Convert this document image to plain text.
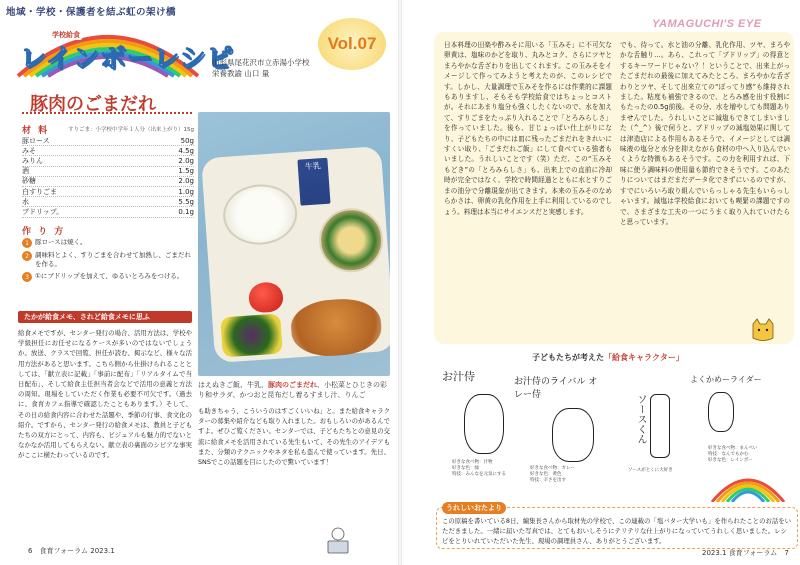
地域・学校・保護者を結ぶ虹の架け橋
学校給食
レインボーレシピ
Vol.07
山形県尾花沢市立赤湯小学校
栄養教諭 山口 量
豚肉のごまだれ
材 料	すりごま：小学校中学年１人分（出来上がり）15g
豚ロース	50g
みそ	4.5g
みりん	2.0g
酒	1.5g
砂糖	2.0g
白すりごま	1.0g
水	5.5g
ブドリップ。	0.1g
作 り 方
1 豚ロースは焼く。
2 調味料とよく、すりごまを合わせて加熱し、ごまだれを作る。
3 ①にブドリップを加えて、ゆるいとろみをつける。
牛乳
はえぬきご飯、牛乳、豚肉のごまだれ、小松菜とひじきの彩り和サラダ、かつおと昆布だし着るすまし汁、りんご
たかが給食メモ、されど給食メモに思ふ
給食メモですが、センター発行の場合、活用方法は、学校や学級担任にお任せになるケースが多いのではないでしょうか。放送、クラスで回覧、担任が読む、掲示など、様々な活用方法があると思います。こちら側から仕掛けられることとしては、「献立表に記載」「事前に配布」「リアルタイムで当日配布」、そして給食主任担当者会などで活用の意義と方法の周知。現場をしていただく作業も必要不可欠です。（過去に、食育カフェ指導で確認したこともあります。）そして、その日の給食内容に合わせた話題や、季節の行事、食文化の紹介。ですから、センター発行の給食メモは、教員と子どもたちの双方にとって、内容も、ビジュアルも魅力的でないとなかなか活用してもらえない。献立表の裏面のシビアな事実がここに横たわっているのです。
も助きちゃう、こういうのはすごくいいね」と。また給食キャラクターの募集や紹介なども取り入れました。おもしろいのがあるんですよ。ぜひご覧ください。センターでは、子どもたちとの意見の交流に給食メモを活用されている先生もいて、その先生のアイデアもまた、分類のテクニックやネタを私も盗んで使っています。先日、SNSでこの話題を目にしたので驚いています！
6　 食育フォーラム 2023.1
YAMAGUCHI'S EYE
日本料理の田楽や酢みそに用いる「玉みそ」に不可欠な卵黄は、塩味のかどを取り、丸みとコク、さらにツヤとまろやかな舌ざわりを出してくれます。この玉みそをイメージして作ってみようと考えたのが、このレシピです。しかし、大量調理で玉みそを作るには作業的に課題もありますし、そもそも学校給食ではちょっとコストが。それにあまり塩分も強くしたくないので、水を加えて、すりごまをたっぷり入れることで「とろみらしさ」を作っていました。後も、甘じょっぱい仕上がりになり、子どもたちの中には皿に残ったごまだれをきれいにすくい取り、「ごまだれご飯」にして食べている強者もいました。うれしいことです（笑）ただ、この“玉みそもどき”の「とろみらしさ」も、出来上での直前に冷却時が完全ではなく、学校で時間経過とともに水とすりごまの油分で分離現象が出てきます。本来の玉みそのなめらかさは、卵黄の乳化作用を上手に利用しているのでしょう。料理は本当にサイエンスだと実感します。
でも、待って。水と油の分離、乳化作用、ツヤ、まろやかな舌触り…。あら、これって「ブドリップ」の得意とするキーワードじゃない？！ということで、出来上がったごまだれの最後に加えてみたところ、まろやかな舌ざわりとツヤ、そして出来立ての“ぽってり感”も維持されました。粘度も補強できるので、とろみ感を出す役割にもたったの0.5g前後。その分、水を増やしても問題ありませんでした。うれしいことに減塩もできてしまいました（^_^）後で伺うと、ブドリップの減塩効果に関しては津造店による作用もあるそうで、イメージとしては調味液の塩分と水分を抑えながら食材の中へ入り込んでいくような特徴もあるそうです。この力を利用すれば、下味に使う調味料の使用量も節約できそうです。このあたりについてはまだまだデータ化できずにいるのですが、すでにいろいろ取り組んでいらっしゃる先生もいらっしゃいます。減塩は学校給食においても喫緊の課題ですので、さまざまな工夫の一つにうまく取り入れていけたらと思っています。
子どもたちが考えた「給食キャラクター」
お汁侍
好きな食べ物：汁物
好きな色：緑
特技：みんなを元気にする
お汁侍のライバル オレー侍
好きな食べ物：カレー
好きな色：黄色
特技：辛さを出す
ソースくん
ソースがとくに大好き
よくかめーライダー
好きな食べ物：まんぺい
特技：なんでもかむ
好きな色：レインボー
うれしいおたより
この原稿を書いている8日、編集長さんから取材先の学校で、この連載の「塩バター大学いも」を作られたことのお話をいただきました。一緒に届いた写真では、とてもおいしそうにテリテリな仕上がりになっていてうれしく思いました。レシピをとりいれていただいた先生、現場の調理員さん、ありがとうございます。
2023.1 食育フォーラム　 7
